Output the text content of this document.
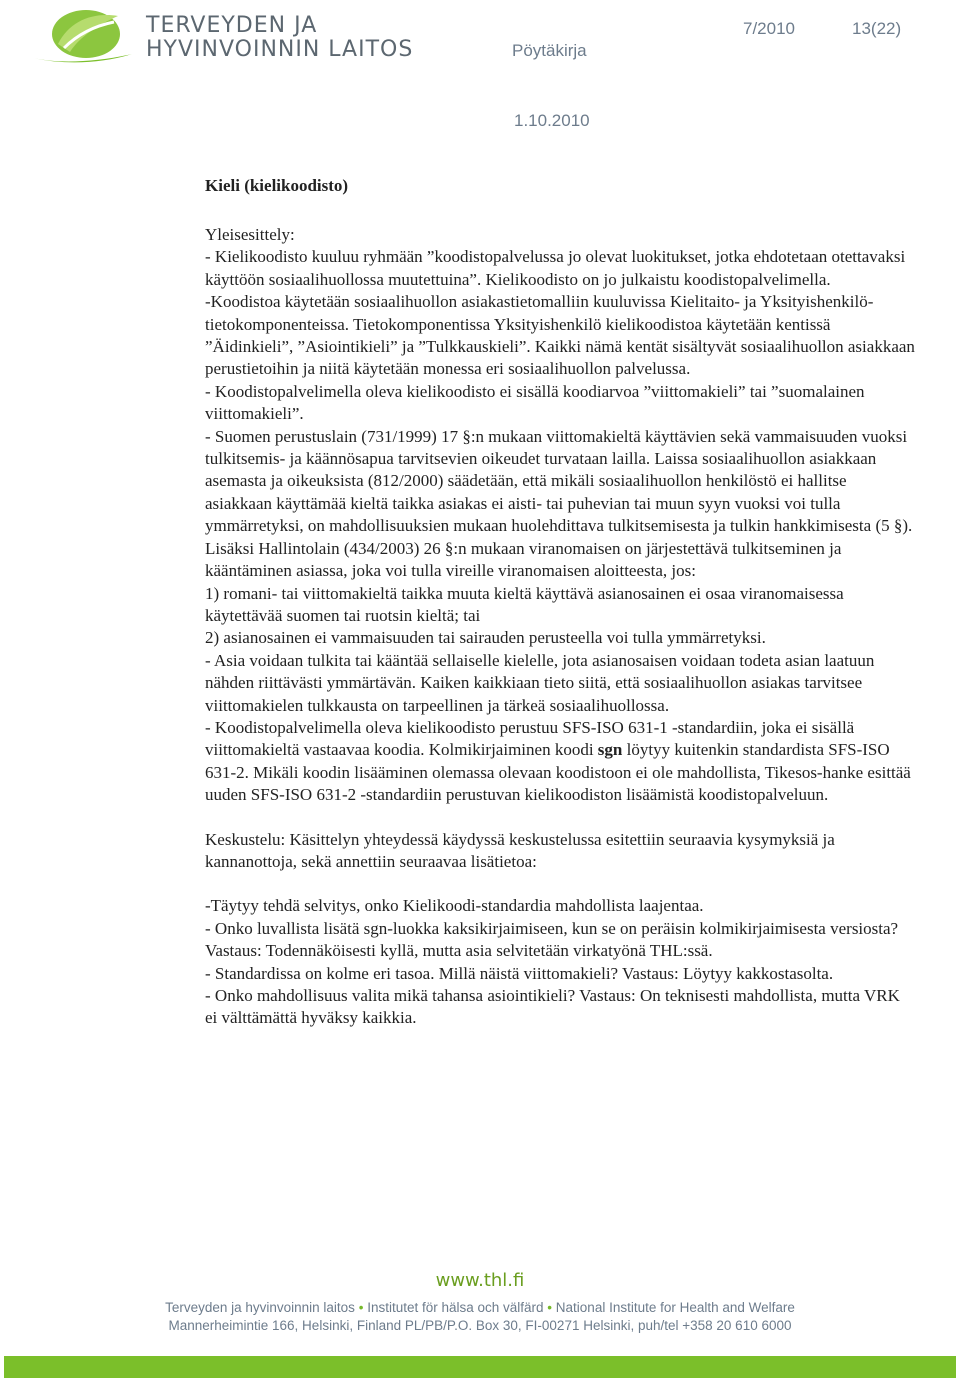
TERVEYDEN JA
HYVINVOINNIN LAITOS
7/2010	13(22)
Pöytäkirja
1.10.2010
Kieli (kielikoodisto)

Yleisesittely:

- Kielikoodisto kuuluu ryhmään ”koodistopalvelussa jo olevat luokitukset, jotka ehdotetaan otettavaksi käyttöön sosiaalihuollossa muutettuina”. Kielikoodisto on jo julkaistu koodistopalvelimella.

-Koodistoa käytetään sosiaalihuollon asiakastietomalliin kuuluvissa Kielitaito- ja Yksityishenkilö-tietokomponenteissa. Tietokomponentissa Yksityishenkilö kielikoodistoa käytetään kentissä ”Äidinkieli”, ”Asiointikieli” ja ”Tulkkauskieli”. Kaikki nämä kentät sisältyvät sosiaalihuollon asiakkaan perustietoihin ja niitä käytetään monessa eri sosiaalihuollon palvelussa.

- Koodistopalvelimella oleva kielikoodisto ei sisällä koodiarvoa ”viittomakieli” tai ”suomalainen viittomakieli”.

- Suomen perustuslain (731/1999) 17 §:n mukaan viittomakieltä käyttävien sekä vammaisuuden vuoksi tulkitsemis- ja käännösapua tarvitsevien oikeudet turvataan lailla. Laissa sosiaalihuollon asiakkaan asemasta ja oikeuksista (812/2000) säädetään, että mikäli sosiaalihuollon henkilöstö ei hallitse asiakkaan käyttämää kieltä taikka asiakas ei aisti- tai puhevian tai muun syyn vuoksi voi tulla ymmärretyksi, on mahdollisuuksien mukaan huolehdittava tulkitsemisesta ja tulkin hankkimisesta (5 §). Lisäksi Hallintolain (434/2003) 26 §:n mukaan viranomaisen on järjestettävä tulkitseminen ja kääntäminen asiassa, joka voi tulla vireille viranomaisen aloitteesta, jos:

1) romani- tai viittomakieltä taikka muuta kieltä käyttävä asianosainen ei osaa viranomaisessa käytettävää suomen tai ruotsin kieltä; tai

2) asianosainen ei vammaisuuden tai sairauden perusteella voi tulla ymmärretyksi.

- Asia voidaan tulkita tai kääntää sellaiselle kielelle, jota asianosaisen voidaan todeta asian laatuun nähden riittävästi ymmärtävän. Kaiken kaikkiaan tieto siitä, että sosiaalihuollon asiakas tarvitsee viittomakielen tulkkausta on tarpeellinen ja tärkeä sosiaalihuollossa.

- Koodistopalvelimella oleva kielikoodisto perustuu SFS-ISO 631-1 -standardiin, joka ei sisällä viittomakieltä vastaavaa koodia. Kolmikirjaiminen koodi sgn löytyy kuitenkin standardista SFS-ISO 631-2. Mikäli koodin lisääminen olemassa olevaan koodistoon ei ole mahdollista, Tikesos-hanke esittää uuden SFS-ISO 631-2 -standardiin perustuvan kielikoodiston lisäämistä koodistopalveluun.

Keskustelu: Käsittelyn yhteydessä käydyssä keskustelussa esitettiin seuraavia kysymyksiä ja kannanottoja, sekä annettiin seuraavaa lisätietoa:

-Täytyy tehdä selvitys, onko Kielikoodi-standardia mahdollista laajentaa.

- Onko luvallista lisätä sgn-luokka kaksikirjaimiseen, kun se on peräisin kolmikirjaimisesta versiosta? Vastaus: Todennäköisesti kyllä, mutta asia selvitetään virkatyönä THL:ssä.

- Standardissa on kolme eri tasoa. Millä näistä viittomakieli? Vastaus: Löytyy kakkostasolta.

- Onko mahdollisuus valita mikä tahansa asiointikieli? Vastaus: On teknisesti mahdollista, mutta VRK ei välttämättä hyväksy kaikkia.

www.thl.fi
Terveyden ja hyvinvoinnin laitos • Institutet för hälsa och välfärd • National Institute for Health and Welfare
Mannerheimintie 166, Helsinki, Finland PL/PB/P.O. Box 30, FI-00271 Helsinki, puh/tel +358 20 610 6000
